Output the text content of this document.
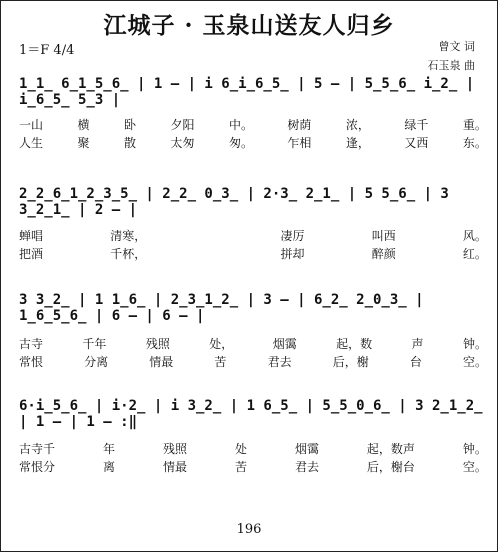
江城子 · 玉泉山送友人归乡
1＝F 4/4	曾文 词
石玉泉 曲
1̲1̲ 6̲1̲5̲6̲ | 1 – | i 6̲i̲6̲5̲ | 5 – | 5̲5̲6̲ i̲2̲ | i̲6̲5̲ 5̲3 |
一山	横	卧	夕阳	中。	树荫	浓，	绿千	重。
人生	聚	散	太匆	匆。	乍相	逢，	又西	东。
2̲2̲6̲1̲2̲3̲5̲ | 2̲2̲ 0̲3̲ | 2·3̲ 2̲1̲ | 5 5̲6̲ | 3 3̲2̲1̲ | 2 – |
蝉唱	清寒，	凄厉	叫西	风。
把酒	千杯，	拼却	醉颜	红。
3 3̲2̲ | 1 1̲6̲ | 2̲3̲1̲2̲ | 3 – | 6̲2̲ 2̲0̲3̲ | 1̲6̲5̲6̲ | 6 – | 6 – |
古寺	千年	残照	处，	烟霭	起，数	声	钟。
常恨	分离	情最	苦	君去	后，榭	台	空。
6·i̲5̲6̲ | i·2̲ | i 3̲2̲ | 1 6̲5̲ | 5̲5̲0̲6̲ | 3 2̲1̲2̲ | 1 – | 1 – :‖
古寺千	年	残照	处	烟霭	起，数声	钟。
常恨分	离	情最	苦	君去	后，榭台	空。
196
